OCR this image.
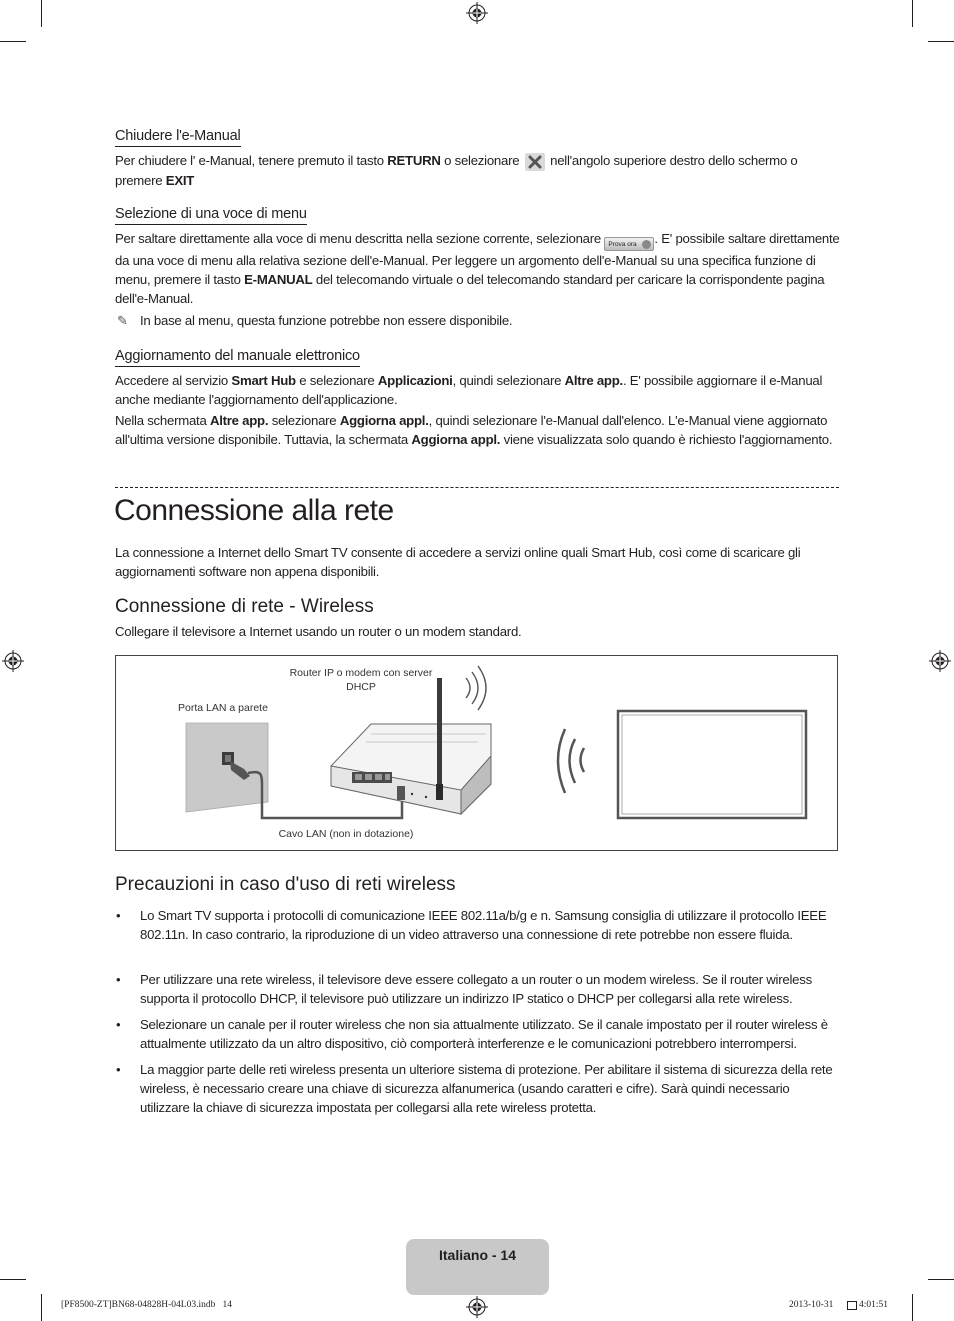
Chiudere l'e-Manual

Per chiudere l' e-Manual, tenere premuto il tasto RETURN o selezionare  nell'angolo superiore destro dello schermo o premere EXIT

Selezione di una voce di menu

Per saltare direttamente alla voce di menu descritta nella sezione corrente, selezionare Prova ora . E' possibile saltare direttamente da una voce di menu alla relativa sezione dell'e-Manual. Per leggere un argomento dell'e-Manual su una specifica funzione di menu, premere il tasto E-MANUAL del telecomando virtuale o del telecomando standard per caricare la corrispondente pagina dell'e-Manual.

✎ In base al menu, questa funzione potrebbe non essere disponibile.

Aggiornamento del manuale elettronico

Accedere al servizio Smart Hub e selezionare Applicazioni, quindi selezionare Altre app.. E' possibile aggiornare il e-Manual anche mediante l'aggiornamento dell'applicazione.

Nella schermata Altre app. selezionare Aggiorna appl., quindi selezionare l'e-Manual dall'elenco. L'e-Manual viene aggiornato all'ultima versione disponibile. Tuttavia, la schermata Aggiorna appl. viene visualizzata solo quando è richiesto l'aggiornamento.

Connessione alla rete

La connessione a Internet dello Smart TV consente di accedere a servizi online quali Smart Hub, così come di scaricare gli aggiornamenti software non appena disponibili.

Connessione di rete - Wireless

Collegare il televisore a Internet usando un router o un modem standard.

Router IP o modem con server DHCP
Porta LAN a parete
Cavo LAN (non in dotazione)
Precauzioni in caso d'uso di reti wireless
• Lo Smart TV supporta i protocolli di comunicazione IEEE 802.11a/b/g e n. Samsung consiglia di utilizzare il protocollo IEEE 802.11n. In caso contrario, la riproduzione di un video attraverso una connessione di rete potrebbe non essere fluida.
• Per utilizzare una rete wireless, il televisore deve essere collegato a un router o un modem wireless. Se il router wireless supporta il protocollo DHCP, il televisore può utilizzare un indirizzo IP statico o DHCP per collegarsi alla rete wireless.
• Selezionare un canale per il router wireless che non sia attualmente utilizzato. Se il canale impostato per il router wireless è attualmente utilizzato da un altro dispositivo, ciò comporterà interferenze e le comunicazioni potrebbero interrompersi.
• La maggior parte delle reti wireless presenta un ulteriore sistema di protezione. Per abilitare il sistema di sicurezza della rete wireless, è necessario creare una chiave di sicurezza alfanumerica (usando caratteri e cifre). Sarà quindi necessario utilizzare la chiave di sicurezza impostata per collegarsi alla rete wireless protetta.
Italiano - 14
[PF8500-ZT]BN68-04828H-04L03.indb   14	2013-10-31	4:01:51
